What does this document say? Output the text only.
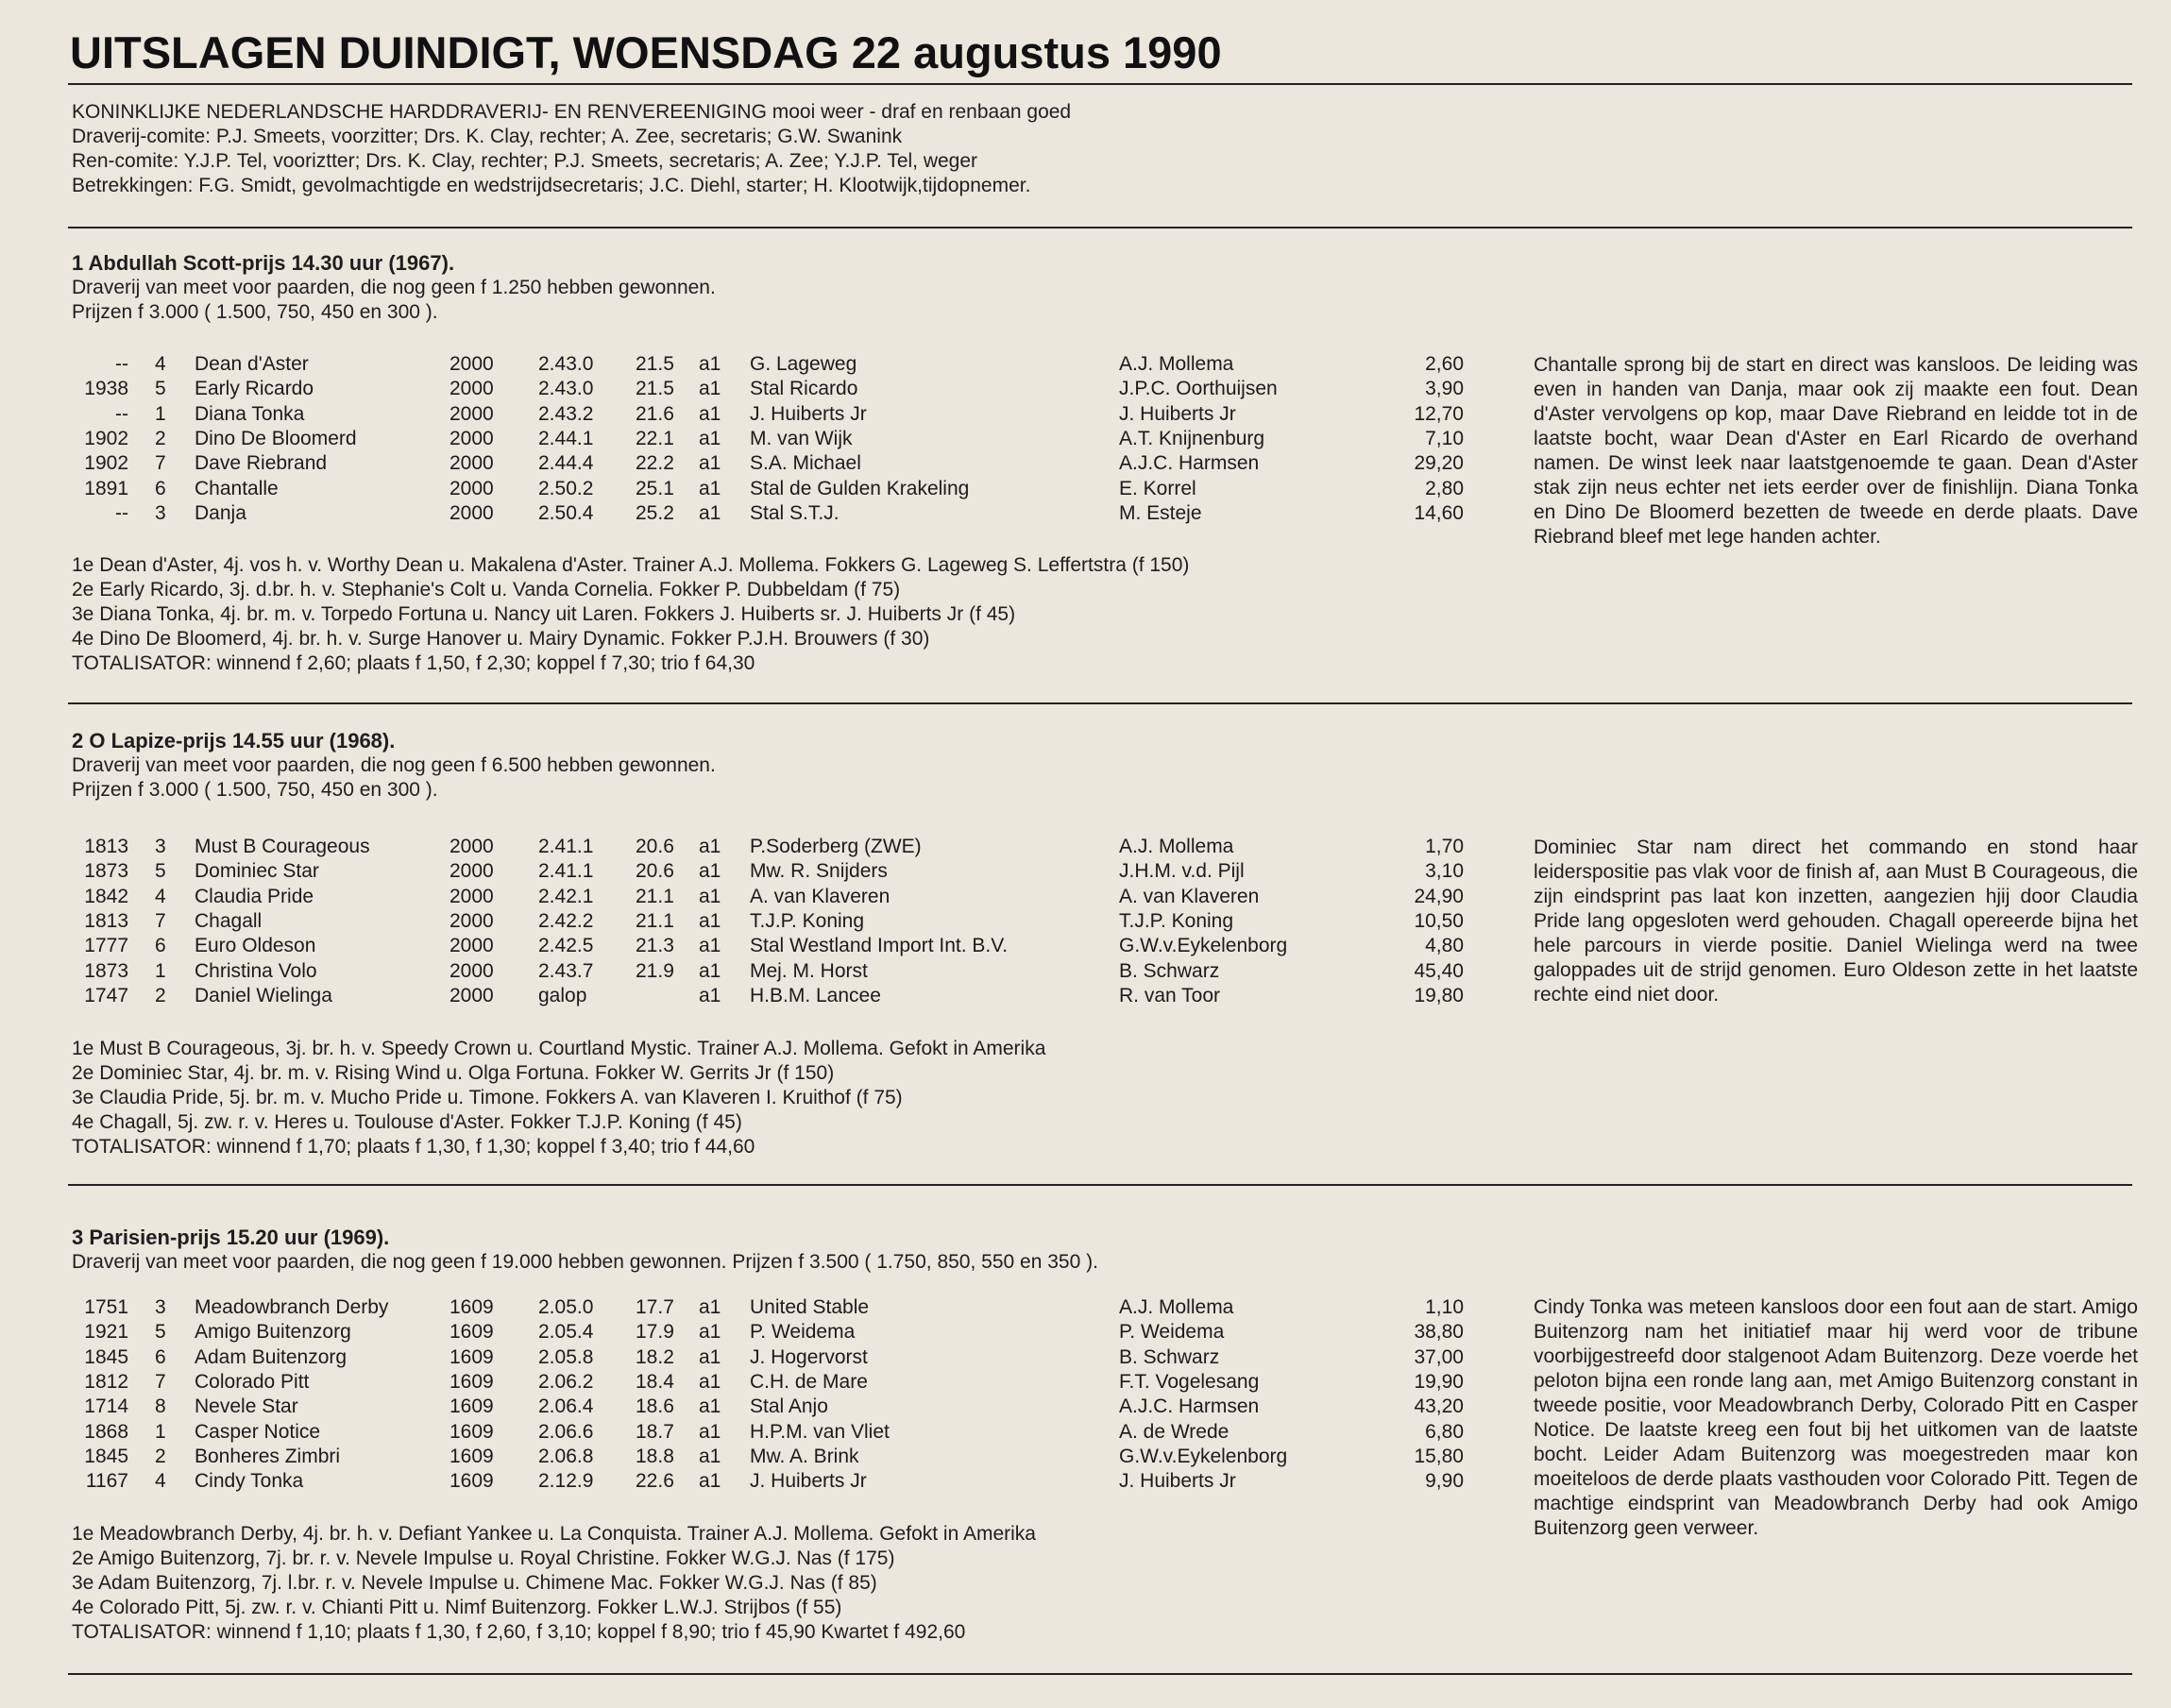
UITSLAGEN DUINDIGT, WOENSDAG 22 augustus 1990
KONINKLIJKE NEDERLANDSCHE HARDDRAVERIJ- EN RENVEREENIGING mooi weer - draf en renbaan goed
Draverij-comite: P.J. Smeets, voorzitter; Drs. K. Clay, rechter; A. Zee, secretaris; G.W. Swanink
Ren-comite: Y.J.P. Tel, vooriztter; Drs. K. Clay, rechter; P.J. Smeets, secretaris; A. Zee; Y.J.P. Tel, weger
Betrekkingen: F.G. Smidt, gevolmachtigde en wedstrijdsecretaris; J.C. Diehl, starter; H. Klootwijk,tijdopnemer.
1 Abdullah Scott-prijs 14.30 uur (1967).
Draverij van meet voor paarden, die nog geen f 1.250 hebben gewonnen.
Prijzen f 3.000 ( 1.500, 750, 450 en 300 ).
1e Dean d'Aster, 4j. vos h. v. Worthy Dean u. Makalena d'Aster. Trainer A.J. Mollema. Fokkers G. Lageweg S. Leffertstra (f 150)
2e Early Ricardo, 3j. d.br. h. v. Stephanie's Colt u. Vanda Cornelia. Fokker P. Dubbeldam (f 75)
3e Diana Tonka, 4j. br. m. v. Torpedo Fortuna u. Nancy uit Laren. Fokkers J. Huiberts sr. J. Huiberts Jr (f 45)
4e Dino De Bloomerd, 4j. br. h. v. Surge Hanover u. Mairy Dynamic. Fokker P.J.H. Brouwers (f 30)
TOTALISATOR: winnend f 2,60; plaats f 1,50, f 2,30; koppel f 7,30; trio f 64,30
Chantalle sprong bij de start en direct was kansloos. De leiding was even in handen van Danja, maar ook zij maakte een fout. Dean d'Aster vervolgens op kop, maar Dave Riebrand en leidde tot in de laatste bocht, waar Dean d'Aster en Earl Ricardo de overhand namen. De winst leek naar laatstgenoemde te gaan. Dean d'Aster stak zijn neus echter net iets eerder over de finishlijn. Diana Tonka en Dino De Bloomerd bezetten de tweede en derde plaats. Dave Riebrand bleef met lege handen achter.
2 O Lapize-prijs 14.55 uur (1968).
Draverij van meet voor paarden, die nog geen f 6.500 hebben gewonnen.
Prijzen f 3.000 ( 1.500, 750, 450 en 300 ).
1e Must B Courageous, 3j. br. h. v. Speedy Crown u. Courtland Mystic. Trainer A.J. Mollema. Gefokt in Amerika
2e Dominiec Star, 4j. br. m. v. Rising Wind u. Olga Fortuna. Fokker W. Gerrits Jr (f 150)
3e Claudia Pride, 5j. br. m. v. Mucho Pride u. Timone. Fokkers A. van Klaveren I. Kruithof (f 75)
4e Chagall, 5j. zw. r. v. Heres u. Toulouse d'Aster. Fokker T.J.P. Koning (f 45)
TOTALISATOR: winnend f 1,70; plaats f 1,30, f 1,30; koppel f 3,40; trio f 44,60
Dominiec Star nam direct het commando en stond haar leiderspositie pas vlak voor de finish af, aan Must B Courageous, die zijn eindsprint pas laat kon inzetten, aangezien hjij door Claudia Pride lang opgesloten werd gehouden. Chagall opereerde bijna het hele parcours in vierde positie. Daniel Wielinga werd na twee galoppades uit de strijd genomen. Euro Oldeson zette in het laatste rechte eind niet door.
3 Parisien-prijs 15.20 uur (1969).
Draverij van meet voor paarden, die nog geen f 19.000 hebben gewonnen. Prijzen f 3.500 ( 1.750, 850, 550 en 350 ).
1e Meadowbranch Derby, 4j. br. h. v. Defiant Yankee u. La Conquista. Trainer A.J. Mollema. Gefokt in Amerika
2e Amigo Buitenzorg, 7j. br. r. v. Nevele Impulse u. Royal Christine. Fokker W.G.J. Nas (f 175)
3e Adam Buitenzorg, 7j. l.br. r. v. Nevele Impulse u. Chimene Mac. Fokker W.G.J. Nas (f 85)
4e Colorado Pitt, 5j. zw. r. v. Chianti Pitt u. Nimf Buitenzorg. Fokker L.W.J. Strijbos (f 55)
TOTALISATOR: winnend f 1,10; plaats f 1,30, f 2,60, f 3,10; koppel f 8,90; trio f 45,90 Kwartet f 492,60
Cindy Tonka was meteen kansloos door een fout aan de start. Amigo Buitenzorg nam het initiatief maar hij werd voor de tribune voorbijgestreefd door stalgenoot Adam Buitenzorg. Deze voerde het peloton bijna een ronde lang aan, met Amigo Buitenzorg constant in tweede positie, voor Meadowbranch Derby, Colorado Pitt en Casper Notice. De laatste kreeg een fout bij het uitkomen van de laatste bocht. Leider Adam Buitenzorg was moegestreden maar kon moeiteloos de derde plaats vasthouden voor Colorado Pitt. Tegen de machtige eindsprint van Meadowbranch Derby had ook Amigo Buitenzorg geen verweer.
-- 4 Dean d'Aster	2000 2.43.0 21.5 a1 G. Lageweg	A.J. Mollema	2,60
1938 5 Early Ricardo	2000 2.43.0 21.5 a1 Stal Ricardo	J.P.C. Oorthuijsen	3,90
-- 1 Diana Tonka	2000 2.43.2 21.6 a1 J. Huiberts Jr	J. Huiberts Jr	12,70
1902 2 Dino De Bloomerd	2000 2.44.1 22.1 a1 M. van Wijk	A.T. Knijnenburg	7,10
1902 7 Dave Riebrand	2000 2.44.4 22.2 a1 S.A. Michael	A.J.C. Harmsen	29,20
1891 6 Chantalle	2000 2.50.2 25.1 a1 Stal de Gulden Krakeling	E. Korrel	2,80
-- 3 Danja	2000 2.50.4 25.2 a1 Stal S.T.J.	M. Esteje	14,60
1813 3 Must B Courageous	2000 2.41.1 20.6 a1 P.Soderberg (ZWE)	A.J. Mollema	1,70
1873 5 Dominiec Star	2000 2.41.1 20.6 a1 Mw. R. Snijders	J.H.M. v.d. Pijl	3,10
1842 4 Claudia Pride	2000 2.42.1 21.1 a1 A. van Klaveren	A. van Klaveren	24,90
1813 7 Chagall	2000 2.42.2 21.1 a1 T.J.P. Koning	T.J.P. Koning	10,50
1777 6 Euro Oldeson	2000 2.42.5 21.3 a1 Stal Westland Import Int. B.V.	G.W.v.Eykelenborg	4,80
1873 1 Christina Volo	2000 2.43.7 21.9 a1 Mej. M. Horst	B. Schwarz	45,40
1747 2 Daniel Wielinga	2000 galop	a1 H.B.M. Lancee	R. van Toor	19,80
1751 3 Meadowbranch Derby	1609 2.05.0 17.7 a1 United Stable	A.J. Mollema	1,10
1921 5 Amigo Buitenzorg	1609 2.05.4 17.9 a1 P. Weidema	P. Weidema	38,80
1845 6 Adam Buitenzorg	1609 2.05.8 18.2 a1 J. Hogervorst	B. Schwarz	37,00
1812 7 Colorado Pitt	1609 2.06.2 18.4 a1 C.H. de Mare	F.T. Vogelesang	19,90
1714 8 Nevele Star	1609 2.06.4 18.6 a1 Stal Anjo	A.J.C. Harmsen	43,20
1868 1 Casper Notice	1609 2.06.6 18.7 a1 H.P.M. van Vliet	A. de Wrede	6,80
1845 2 Bonheres Zimbri	1609 2.06.8 18.8 a1 Mw. A. Brink	G.W.v.Eykelenborg	15,80
1167 4 Cindy Tonka	1609 2.12.9 22.6 a1 J. Huiberts Jr	J. Huiberts Jr	9,90
